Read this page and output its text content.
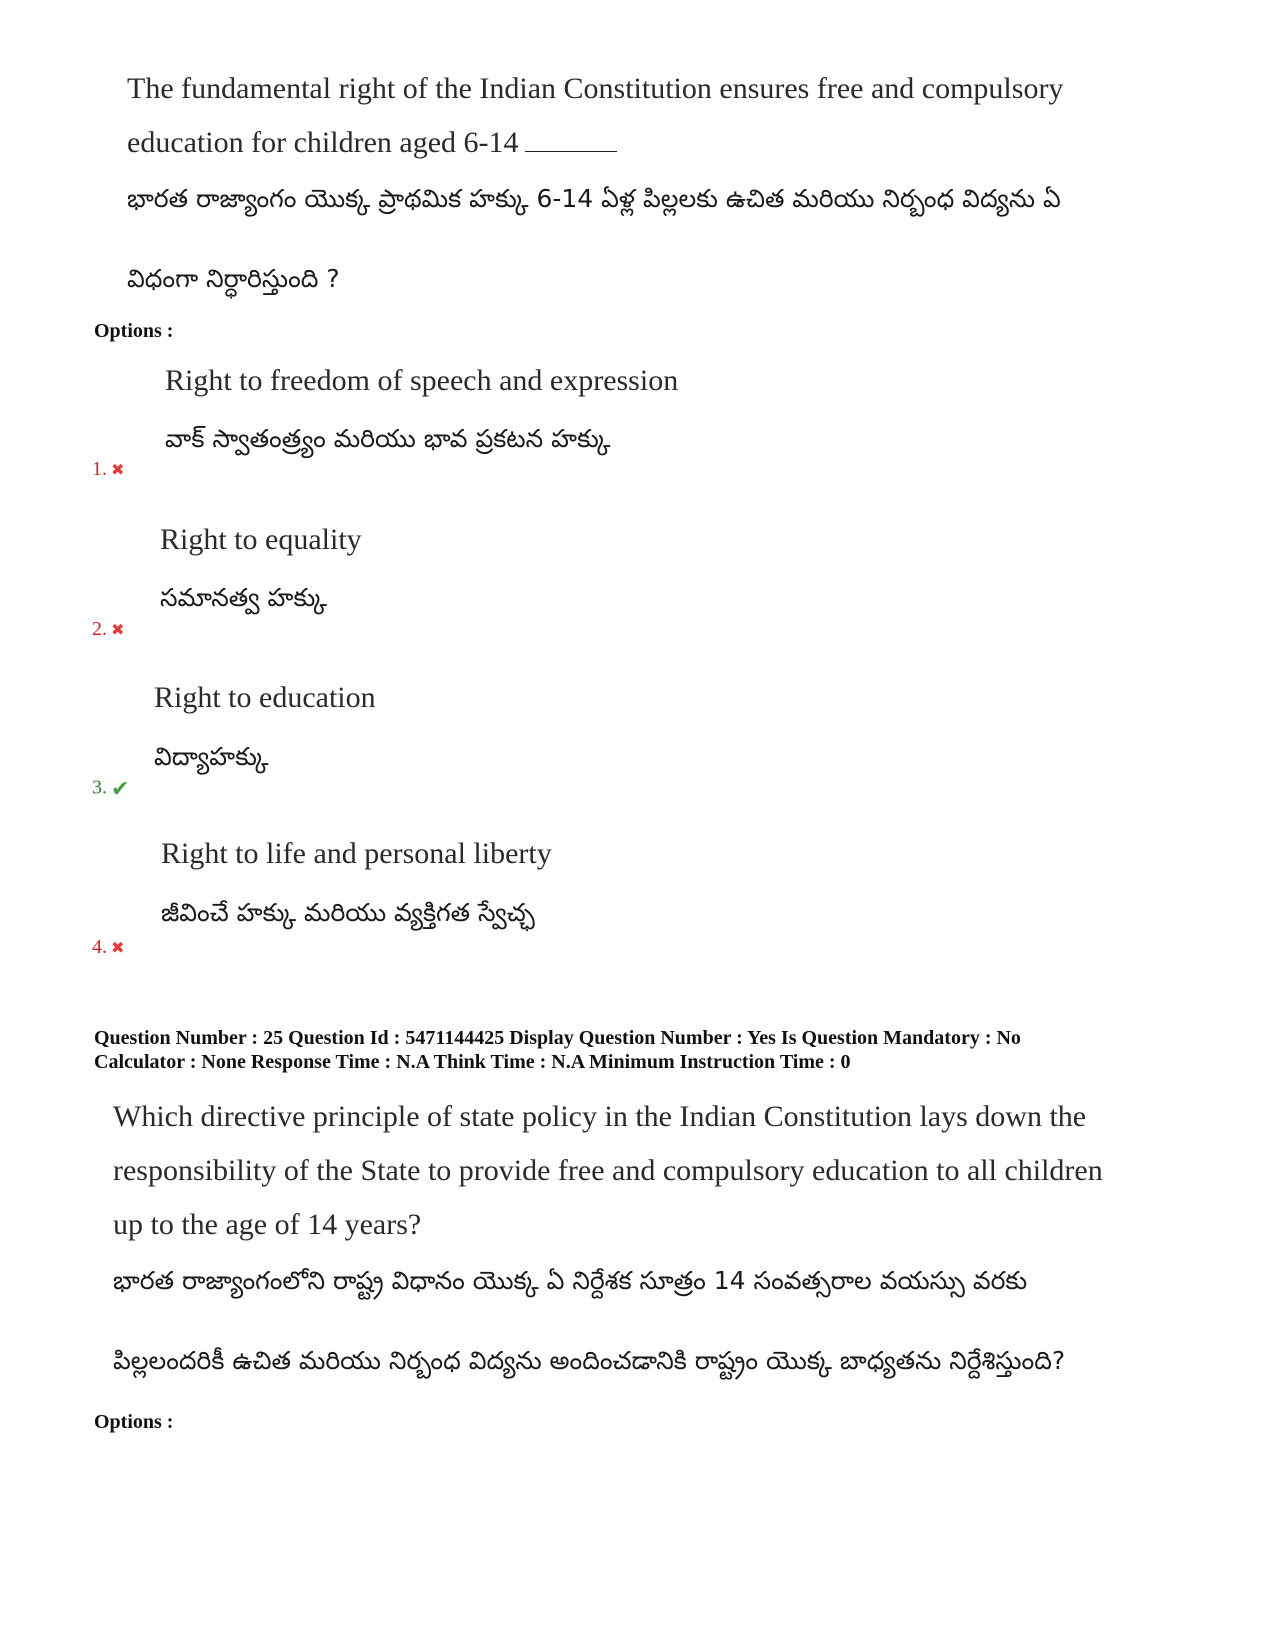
The fundamental right of the Indian Constitution ensures free and compulsory
education for children aged 6-14
భారత రాజ్యాంగం యొక్క ప్రాథమిక హక్కు 6-14 ఏళ్ల పిల్లలకు ఉచిత మరియు నిర్బంధ విద్యను ఏ
విధంగా నిర్ధారిస్తుంది ?
Options :
Right to freedom of speech and expression
వాక్ స్వాతంత్ర్యం మరియు భావ ప్రకటన హక్కు
1. ✖
Right to equality
సమానత్వ హక్కు
2. ✖
Right to education
విద్యాహక్కు
3. ✔
Right to life and personal liberty
జీవించే హక్కు మరియు వ్యక్తిగత స్వేచ్ఛ
4. ✖
Question Number : 25 Question Id : 5471144425 Display Question Number : Yes Is Question Mandatory : No
Calculator : None Response Time : N.A Think Time : N.A Minimum Instruction Time : 0
Which directive principle of state policy in the Indian Constitution lays down the
responsibility of the State to provide free and compulsory education to all children
up to the age of 14 years?
భారత రాజ్యాంగంలోని రాష్ట్ర విధానం యొక్క ఏ నిర్దేశక సూత్రం 14 సంవత్సరాల వయస్సు వరకు
పిల్లలందరికీ ఉచిత మరియు నిర్బంధ విద్యను అందించడానికి రాష్ట్రం యొక్క బాధ్యతను నిర్దేశిస్తుంది?
Options :
